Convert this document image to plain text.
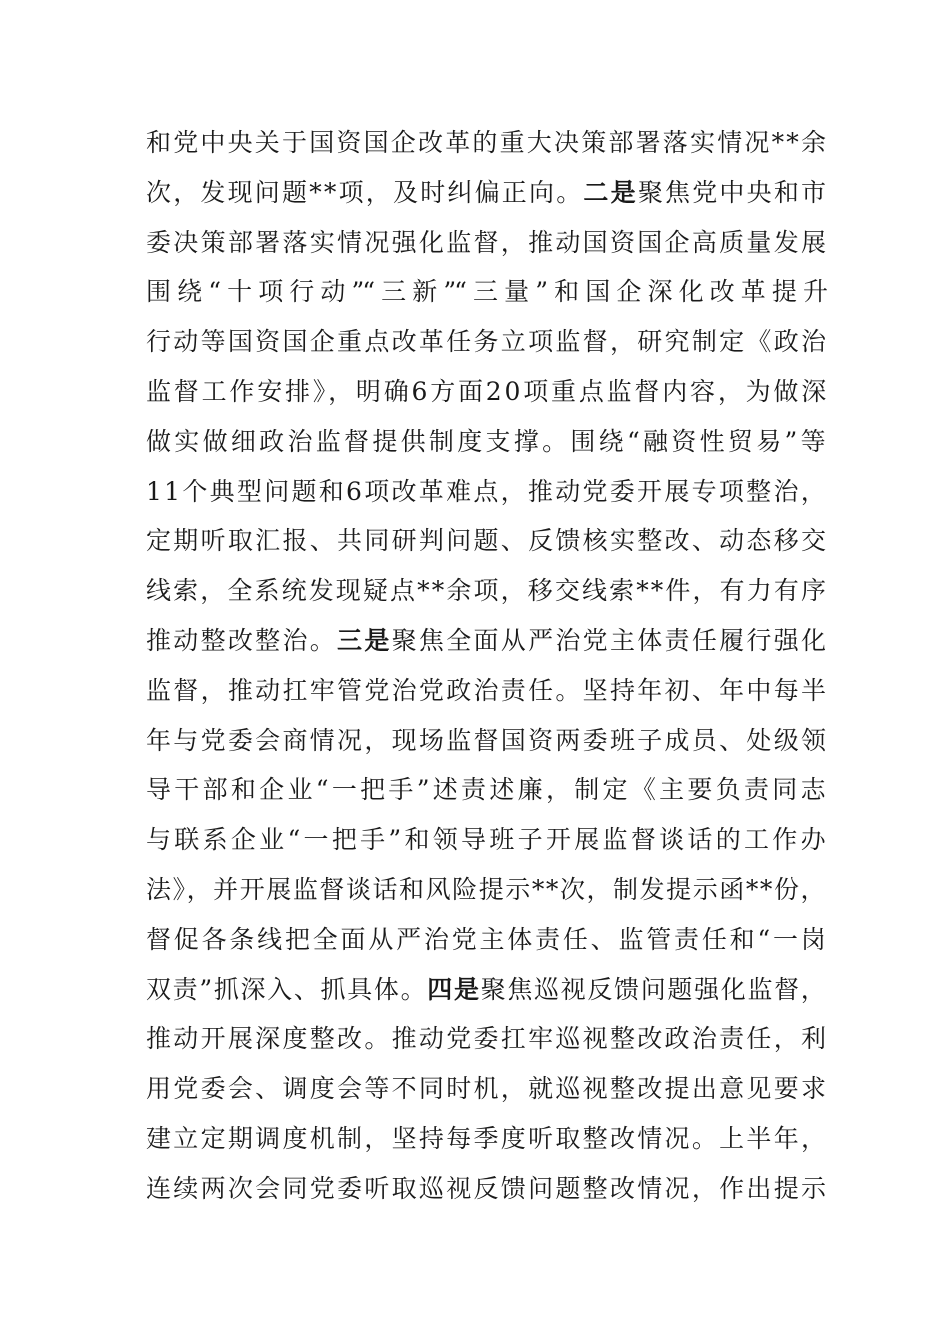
和党中央关于国资国企改革的重大决策部署落实情况**余
次，发现问题**项，及时纠偏正向。二是聚焦党中央和市
委决策部署落实情况强化监督，推动国资国企高质量发展
围绕“十项行动”“三新”“三量”和国企深化改革提升
行动等国资国企重点改革任务立项监督，研究制定《政治
监督工作安排》，明确6方面20项重点监督内容，为做深
做实做细政治监督提供制度支撑。围绕“融资性贸易”等
11个典型问题和6项改革难点，推动党委开展专项整治，
定期听取汇报、共同研判问题、反馈核实整改、动态移交
线索，全系统发现疑点**余项，移交线索**件，有力有序
推动整改整治。三是聚焦全面从严治党主体责任履行强化
监督，推动扛牢管党治党政治责任。坚持年初、年中每半
年与党委会商情况，现场监督国资两委班子成员、处级领
导干部和企业“一把手”述责述廉，制定《主要负责同志
与联系企业“一把手”和领导班子开展监督谈话的工作办
法》，并开展监督谈话和风险提示**次，制发提示函**份，
督促各条线把全面从严治党主体责任、监管责任和“一岗
双责”抓深入、抓具体。四是聚焦巡视反馈问题强化监督，
推动开展深度整改。推动党委扛牢巡视整改政治责任，利
用党委会、调度会等不同时机，就巡视整改提出意见要求
建立定期调度机制，坚持每季度听取整改情况。上半年，
连续两次会同党委听取巡视反馈问题整改情况，作出提示
